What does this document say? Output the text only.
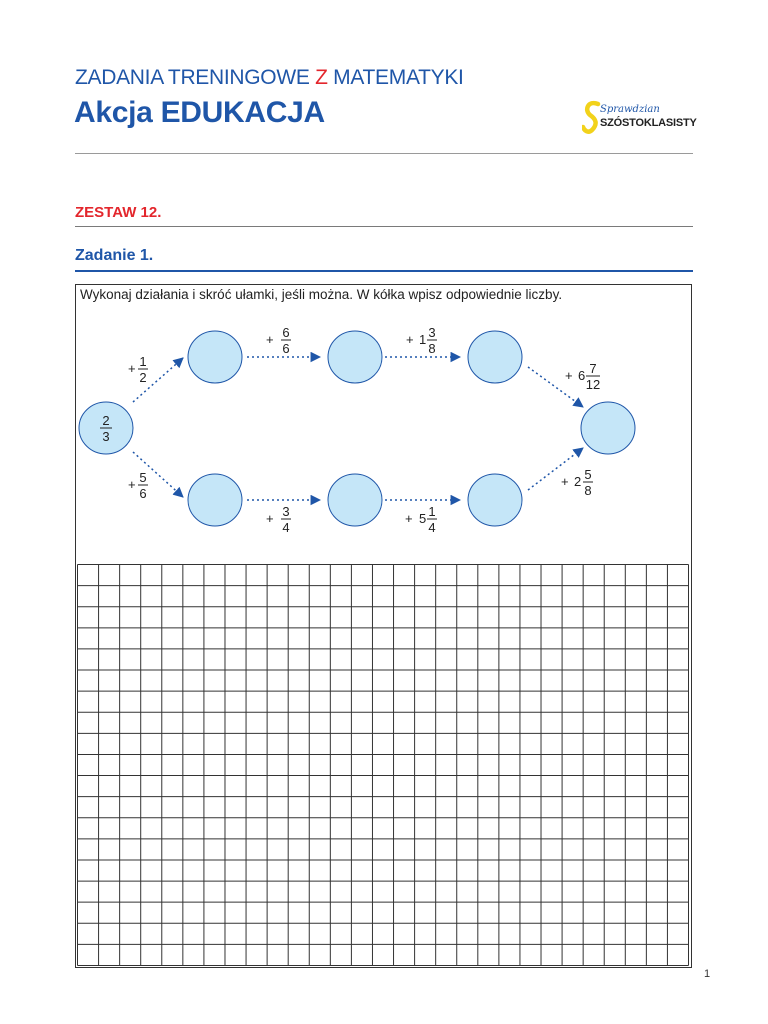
ZADANIA TRENINGOWE Z MATEMATYKI
Akcja EDUKACJA	Sprawdzian
SZÓSTOKLASISTY
ZESTAW 12.
Zadanie 1.
Wykonaj działania i skróć ułamki, jeśli można. W kółka wpisz odpowiednie liczby.
2
3
+ 1
2
+ 6
6
+ 1 3
8
+ 6 7
12
+ 5
6
+ 3
4
+ 5 1
4
+ 2 5
8
1
